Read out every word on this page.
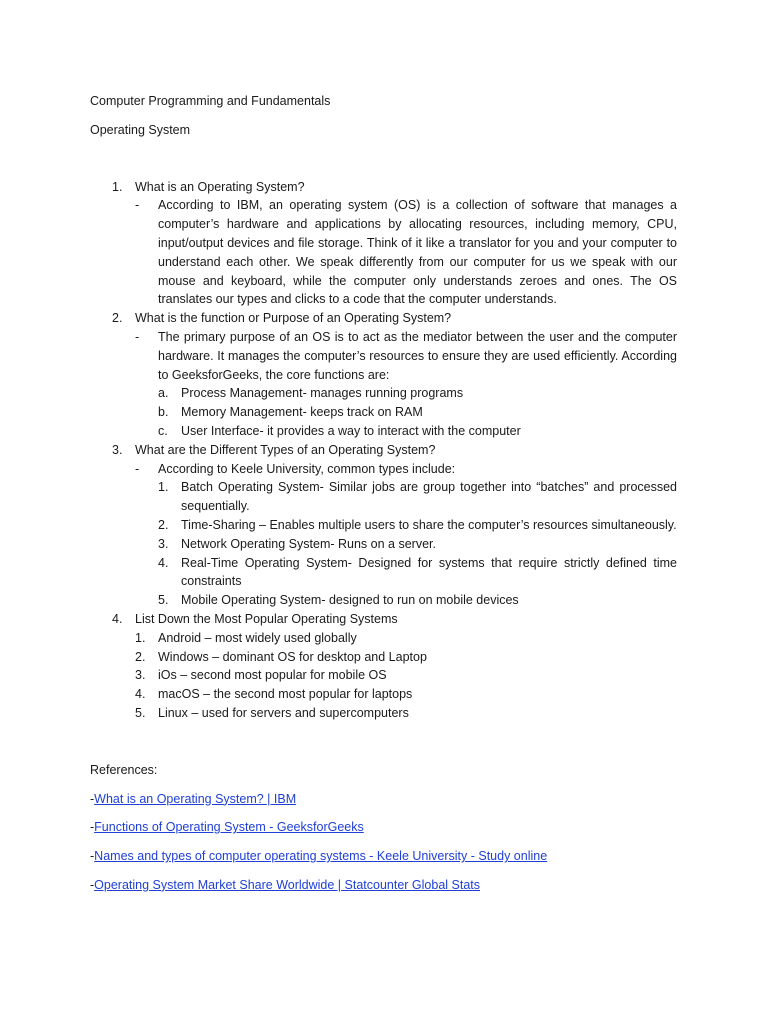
Computer Programming and Fundamentals
Operating System
1. What is an Operating System?
- According to IBM, an operating system (OS) is a collection of software that manages a computer’s hardware and applications by allocating resources, including memory, CPU, input/output devices and file storage. Think of it like a translator for you and your computer to understand each other. We speak differently from our computer for us we speak with our mouse and keyboard, while the computer only understands zeroes and ones. The OS translates our types and clicks to a code that the computer understands.
2. What is the function or Purpose of an Operating System?
- The primary purpose of an OS is to act as the mediator between the user and the computer hardware. It manages the computer’s resources to ensure they are used efficiently. According to GeeksforGeeks, the core functions are:
a. Process Management- manages running programs
b. Memory Management- keeps track on RAM
c. User Interface- it provides a way to interact with the computer
3. What are the Different Types of an Operating System?
- According to Keele University, common types include:
1. Batch Operating System- Similar jobs are group together into “batches” and processed sequentially.
2. Time-Sharing – Enables multiple users to share the computer’s resources simultaneously.
3. Network Operating System- Runs on a server.
4. Real-Time Operating System- Designed for systems that require strictly defined time constraints
5. Mobile Operating System- designed to run on mobile devices
4. List Down the Most Popular Operating Systems
1. Android – most widely used globally
2. Windows – dominant OS for desktop and Laptop
3. iOs – second most popular for mobile OS
4. macOS – the second most popular for laptops
5. Linux – used for servers and supercomputers
References:
-What is an Operating System? | IBM
-Functions of Operating System - GeeksforGeeks
-Names and types of computer operating systems - Keele University - Study online
-Operating System Market Share Worldwide | Statcounter Global Stats
